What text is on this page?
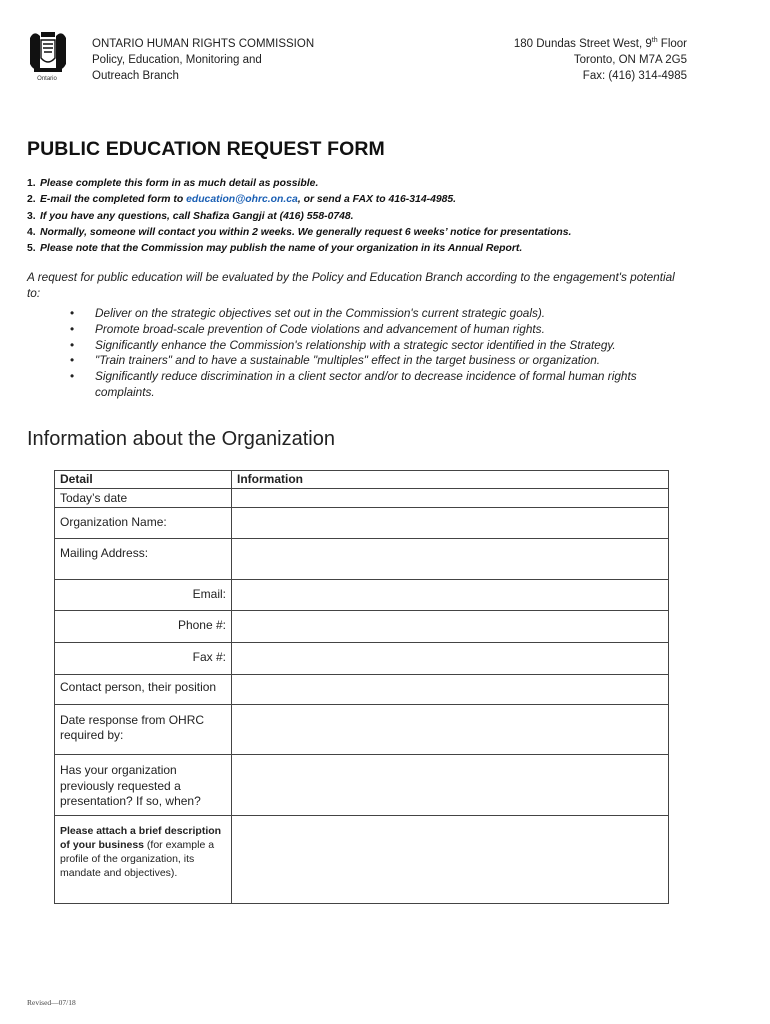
Ontario
ONTARIO HUMAN RIGHTS COMMISSION
Policy, Education, Monitoring and
Outreach Branch
180 Dundas Street West, 9th Floor
Toronto, ON M7A 2G5
Fax: (416) 314-4985
PUBLIC EDUCATION REQUEST FORM
1. Please complete this form in as much detail as possible.
2. E-mail the completed form to education@ohrc.on.ca, or send a FAX to 416-314-4985.
3. If you have any questions, call Shafiza Gangji at (416) 558-0748.
4. Normally, someone will contact you within 2 weeks. We generally request 6 weeks’ notice for presentations.
5. Please note that the Commission may publish the name of your organization in its Annual Report.
A request for public education will be evaluated by the Policy and Education Branch according to the engagement's potential to:
• Deliver on the strategic objectives set out in the Commission's current strategic goals).
• Promote broad-scale prevention of Code violations and advancement of human rights.
• Significantly enhance the Commission's relationship with a strategic sector identified in the Strategy.
• "Train trainers" and to have a sustainable "multiples" effect in the target business or organization.
• Significantly reduce discrimination in a client sector and/or to decrease incidence of formal human rights complaints.
Information about the Organization
Detail	Information
Today’s date	
Organization Name:	
Mailing Address:	
Email:	
Phone #:	
Fax #:	
Contact person, their position	
Date response from OHRC required by:	
Has your organization previously requested a presentation? If so, when?	
Please attach a brief description of your business (for example a profile of the organization, its mandate and objectives).	
Revised—07/18
